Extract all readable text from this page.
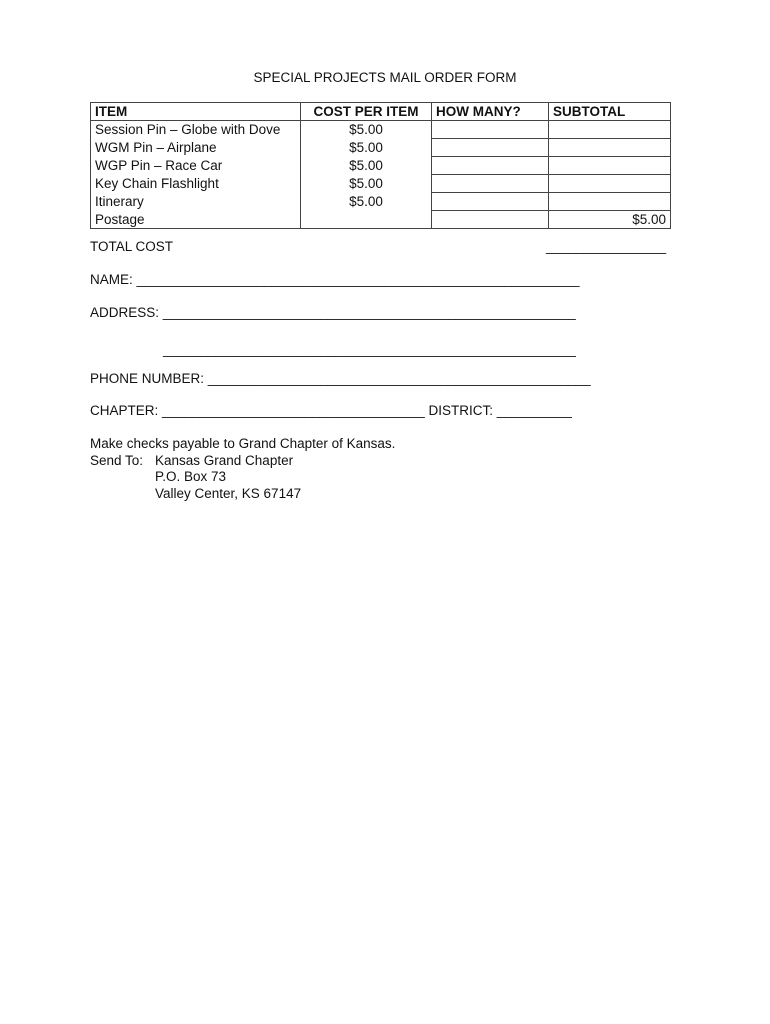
SPECIAL PROJECTS MAIL ORDER FORM
ITEM	COST PER ITEM	HOW MANY?	SUBTOTAL
Session Pin – Globe with Dove	$5.00		
WGM Pin – Airplane	$5.00		
WGP Pin – Race Car	$5.00		
Key Chain Flashlight	$5.00		
Itinerary	$5.00		
Postage			$5.00
TOTAL COST	________________
NAME: ___________________________________________________________
ADDRESS: _______________________________________________________
_______________________________________________________
PHONE NUMBER: ___________________________________________________
CHAPTER: ___________________________________ DISTRICT: __________
Make checks payable to Grand Chapter of Kansas.
Send To: Kansas Grand Chapter
P.O. Box 73
Valley Center, KS 67147
